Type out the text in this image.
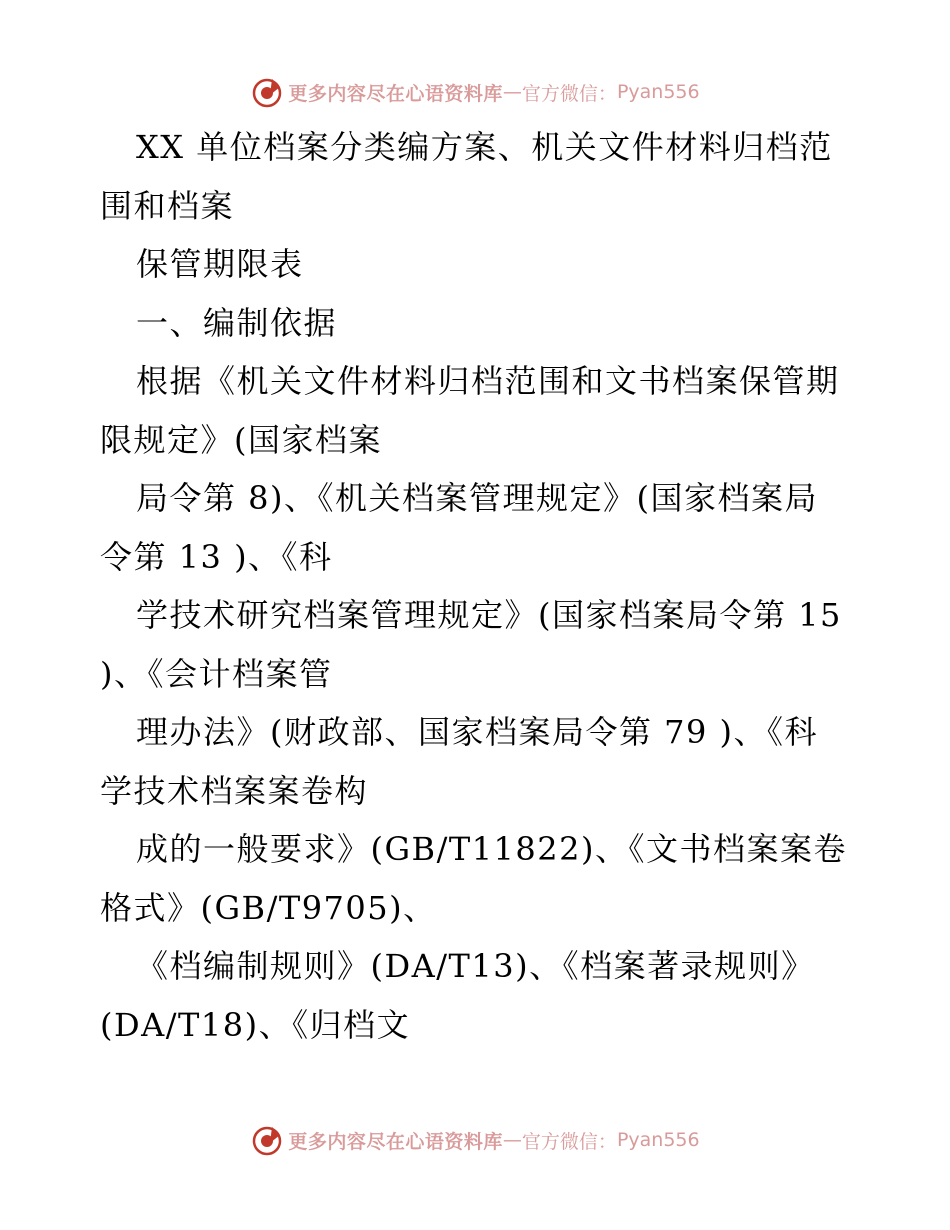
更多内容尽在心语资料库 — 官方微信： Pyan556
XX 单位档案分类编方案、机关文件材料归档范
围和档案
保管期限表
一、编制依据
根据《机关文件材料归档范围和文书档案保管期
限规定》(国家档案
局令第 8)、《机关档案管理规定》(国家档案局
令第 13 )、《科
学技术研究档案管理规定》(国家档案局令第 15
)、《会计档案管
理办法》(财政部、国家档案局令第 79 )、《科
学技术档案案卷构
成的一般要求》(GB/T11822)、《文书档案案卷
格式》(GB/T9705)、
《档编制规则》(DA/T13)、《档案著录规则》
(DA/T18)、《归档文
更多内容尽在心语资料库 — 官方微信： Pyan556
